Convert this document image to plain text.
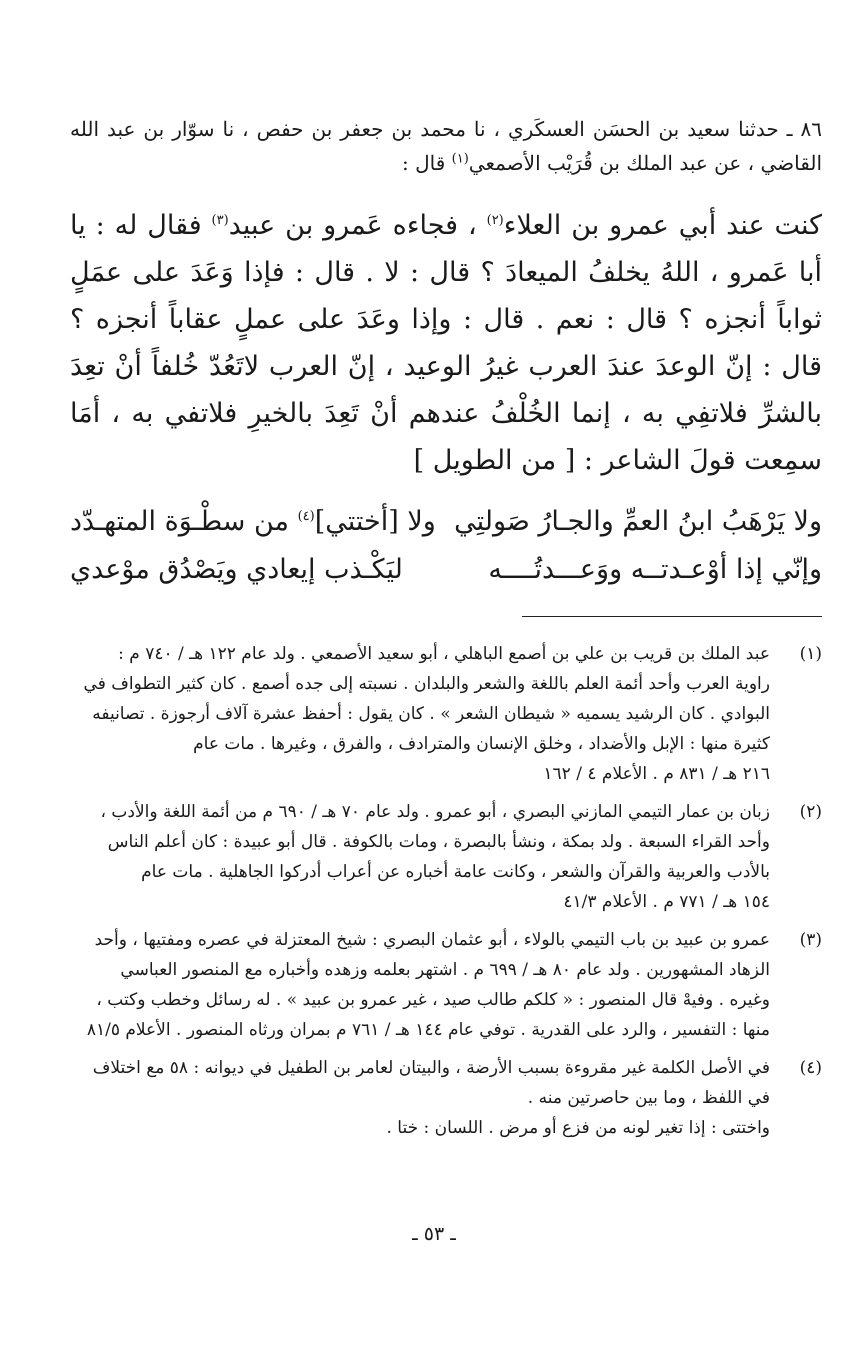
٨٦ ـ حدثنا سعيد بن الحسَن العسكَري ، نا محمد بن جعفر بن حفص ، نا سوّار بن عبد الله القاضي ، عن عبد الملك بن قُرَيْب الأصمعي$^{(١)}$ قال :

كنت عند أبي عمرو بن العلاء$^{(٢)}$ ، فجاءه عَمرو بن عبيد$^{(٣)}$ فقال له : يا أبا عَمرو ، اللهُ يخلفُ الميعادَ ؟ قال : لا . قال : فإذا وَعَدَ على عمَلٍ ثواباً أنجزه ؟ قال : نعم . قال : وإذا وعَدَ على عملٍ عقاباً أنجزه ؟ قال : إنّ الوعدَ عندَ العرب غيرُ الوعيد ، إنّ العرب لاتَعُدّ خُلفاً أنْ تعِدَ بالشرِّ فلاتفِي به ، إنما الخُلْفُ عندهم أنْ تَعِدَ بالخيرِ فلاتفي به ، أمَا سمِعت قولَ الشاعر : [ من الطويل ]

ولا يَرْهَبُ ابنُ العمِّ والجـارُ صَولتِي
ولا [أختتي]$^{(٤)}$ من سطْـوَة المتهـدّد
وإنّي إذا أوْعـدتــه ووَعـــدتُــــه
ليَكْـذب إيعادي ويَصْدُق موْعدي
(١)
عبد الملك بن قريب بن علي بن أصمع الباهلي ، أبو سعيد الأصمعي . ولد عام ١٢٢ هـ / ٧٤٠ م :
راوية العرب وأحد أئمة العلم باللغة والشعر والبلدان . نسبته إلى جده أصمع . كان كثير التطواف في
البوادي . كان الرشيد يسميه « شيطان الشعر » . كان يقول : أحفظ عشرة آلاف أرجوزة . تصانيفه
كثيرة منها : الإبل والأضداد ، وخلق الإنسان والمترادف ، والفرق ، وغيرها . مات عام
٢١٦ هـ / ٨٣١ م . الأعلام ٤ / ١٦٢
(٢)
زبان بن عمار التيمي المازني البصري ، أبو عمرو . ولد عام ٧٠ هـ / ٦٩٠ م من أئمة اللغة والأدب ،
وأحد القراء السبعة . ولد بمكة ، ونشأ بالبصرة ، ومات بالكوفة . قال أبو عبيدة : كان أعلم الناس
بالأدب والعربية والقرآن والشعر ، وكانت عامة أخباره عن أعراب أدركوا الجاهلية . مات عام
١٥٤ هـ / ٧٧١ م . الأعلام ٤١/٣
(٣)
عمرو بن عبيد بن باب التيمي بالولاء ، أبو عثمان البصري : شيخ المعتزلة في عصره ومفتيها ، وأحد
الزهاد المشهورين . ولد عام ٨٠ هـ / ٦٩٩ م . اشتهر بعلمه وزهده وأخباره مع المنصور العباسي
وغيره . وفيهْ قال المنصور : « كلكم طالب صيد ، غير عمرو بن عبيد » . له رسائل وخطب وكتب ،
منها : التفسير ، والرد على القدرية . توفي عام ١٤٤ هـ / ٧٦١ م بمران ورثاه المنصور . الأعلام ٨١/٥
(٤)
في الأصل الكلمة غير مقروءة بسبب الأرضة ، والبيتان لعامر بن الطفيل في ديوانه : ٥٨ مع اختلاف
في اللفظ ، وما بين حاصرتين منه .
واختتى : إذا تغير لونه من فزع أو مرض . اللسان : ختا .
ـ ٥٣ ـ
